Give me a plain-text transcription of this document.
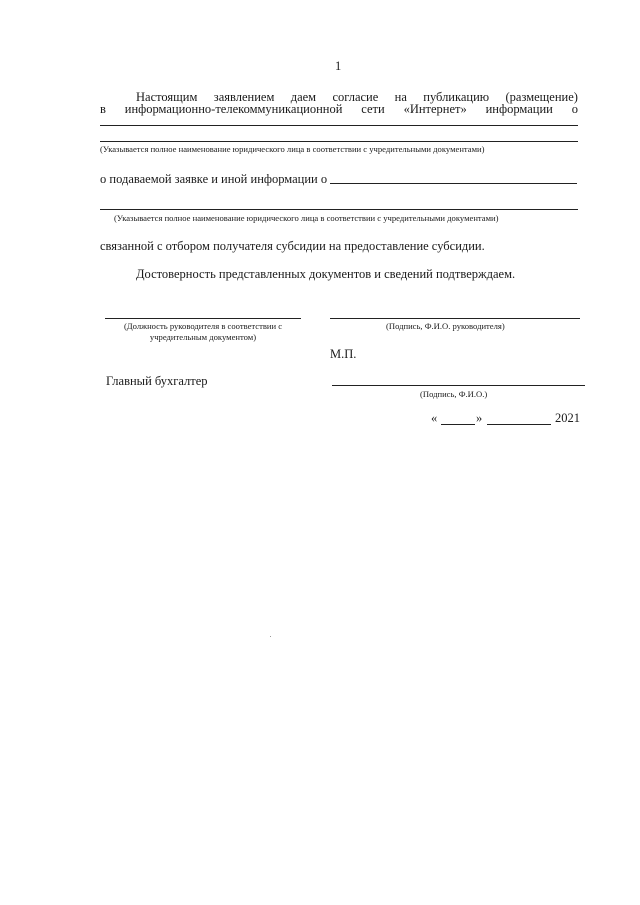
1
Настоящим заявлением даем согласие на публикацию (размещение)
в информационно-телекоммуникационной сети «Интернет» информации о
(Указывается полное наименование юридического лица в соответствии с учредительными документами)
о подаваемой заявке и иной информации о
(Указывается полное наименование юридического лица в соответствии с учредительными документами)
связанной с отбором получателя субсидии на предоставление субсидии.
Достоверность представленных документов и сведений подтверждаем.
(Должность руководителя в соответствии с
учредительным документом)
(Подпись, Ф.И.О. руководителя)
М.П.
Главный бухгалтер
(Подпись, Ф.И.О.)
«	»	2021
